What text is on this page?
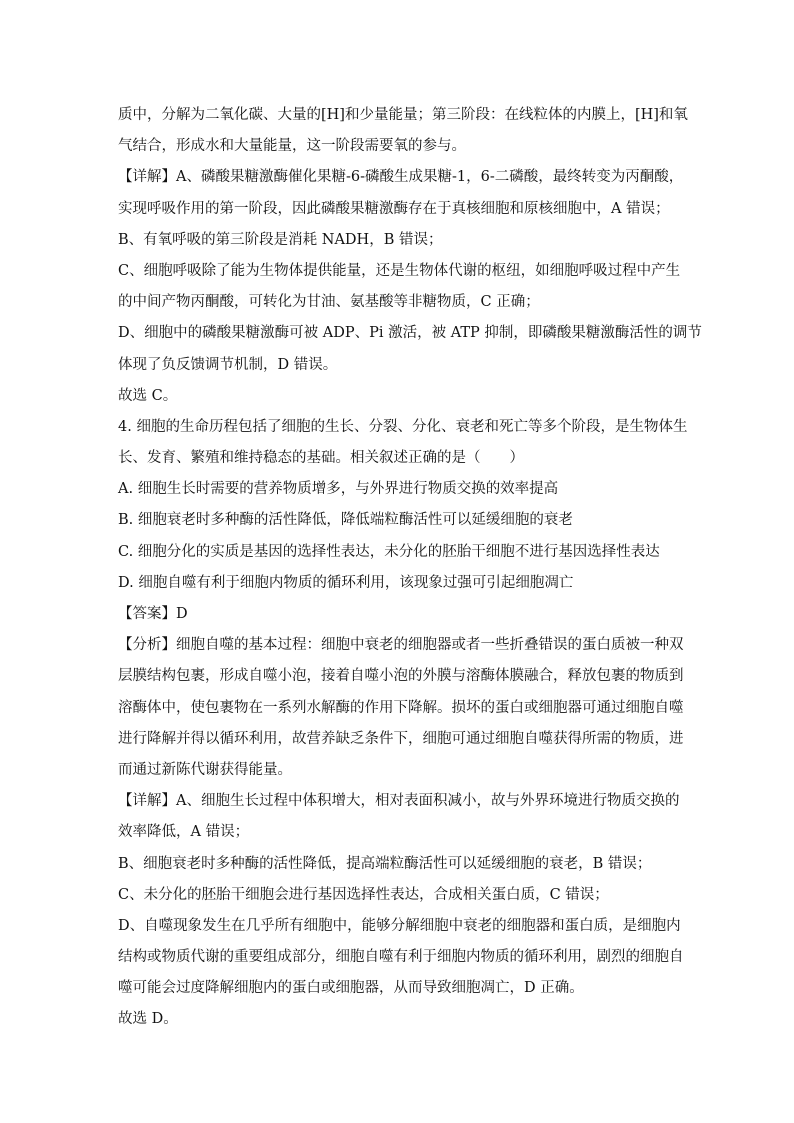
质中，分解为二氧化碳、大量的[H]和少量能量；第三阶段：在线粒体的内膜上，[H]和氧
气结合，形成水和大量能量，这一阶段需要氧的参与。
【详解】A、磷酸果糖激酶催化果糖-6-磷酸生成果糖-1，6-二磷酸，最终转变为丙酮酸，
实现呼吸作用的第一阶段，因此磷酸果糖激酶存在于真核细胞和原核细胞中，A 错误；
B、有氧呼吸的第三阶段是消耗 NADH，B 错误；
C、细胞呼吸除了能为生物体提供能量，还是生物体代谢的枢纽，如细胞呼吸过程中产生
的中间产物丙酮酸，可转化为甘油、氨基酸等非糖物质，C 正确；
D、细胞中的磷酸果糖激酶可被 ADP、Pi 激活，被 ATP 抑制，即磷酸果糖激酶活性的调节
体现了负反馈调节机制，D 错误。
故选 C。
4. 细胞的生命历程包括了细胞的生长、分裂、分化、衰老和死亡等多个阶段，是生物体生
长、发育、繁殖和维持稳态的基础。相关叙述正确的是（　　）
A. 细胞生长时需要的营养物质增多，与外界进行物质交换的效率提高
B. 细胞衰老时多种酶的活性降低，降低端粒酶活性可以延缓细胞的衰老
C. 细胞分化的实质是基因的选择性表达，未分化的胚胎干细胞不进行基因选择性表达
D. 细胞自噬有利于细胞内物质的循环利用，该现象过强可引起细胞凋亡
【答案】D
【分析】细胞自噬的基本过程：细胞中衰老的细胞器或者一些折叠错误的蛋白质被一种双
层膜结构包裹，形成自噬小泡，接着自噬小泡的外膜与溶酶体膜融合，释放包裹的物质到
溶酶体中，使包裹物在一系列水解酶的作用下降解。损坏的蛋白或细胞器可通过细胞自噬
进行降解并得以循环利用，故营养缺乏条件下，细胞可通过细胞自噬获得所需的物质，进
而通过新陈代谢获得能量。
【详解】A、细胞生长过程中体积增大，相对表面积减小，故与外界环境进行物质交换的
效率降低，A 错误；
B、细胞衰老时多种酶的活性降低，提高端粒酶活性可以延缓细胞的衰老，B 错误；
C、未分化的胚胎干细胞会进行基因选择性表达，合成相关蛋白质，C 错误；
D、自噬现象发生在几乎所有细胞中，能够分解细胞中衰老的细胞器和蛋白质，是细胞内
结构或物质代谢的重要组成部分，细胞自噬有利于细胞内物质的循环利用，剧烈的细胞自
噬可能会过度降解细胞内的蛋白或细胞器，从而导致细胞凋亡，D 正确。
故选 D。
